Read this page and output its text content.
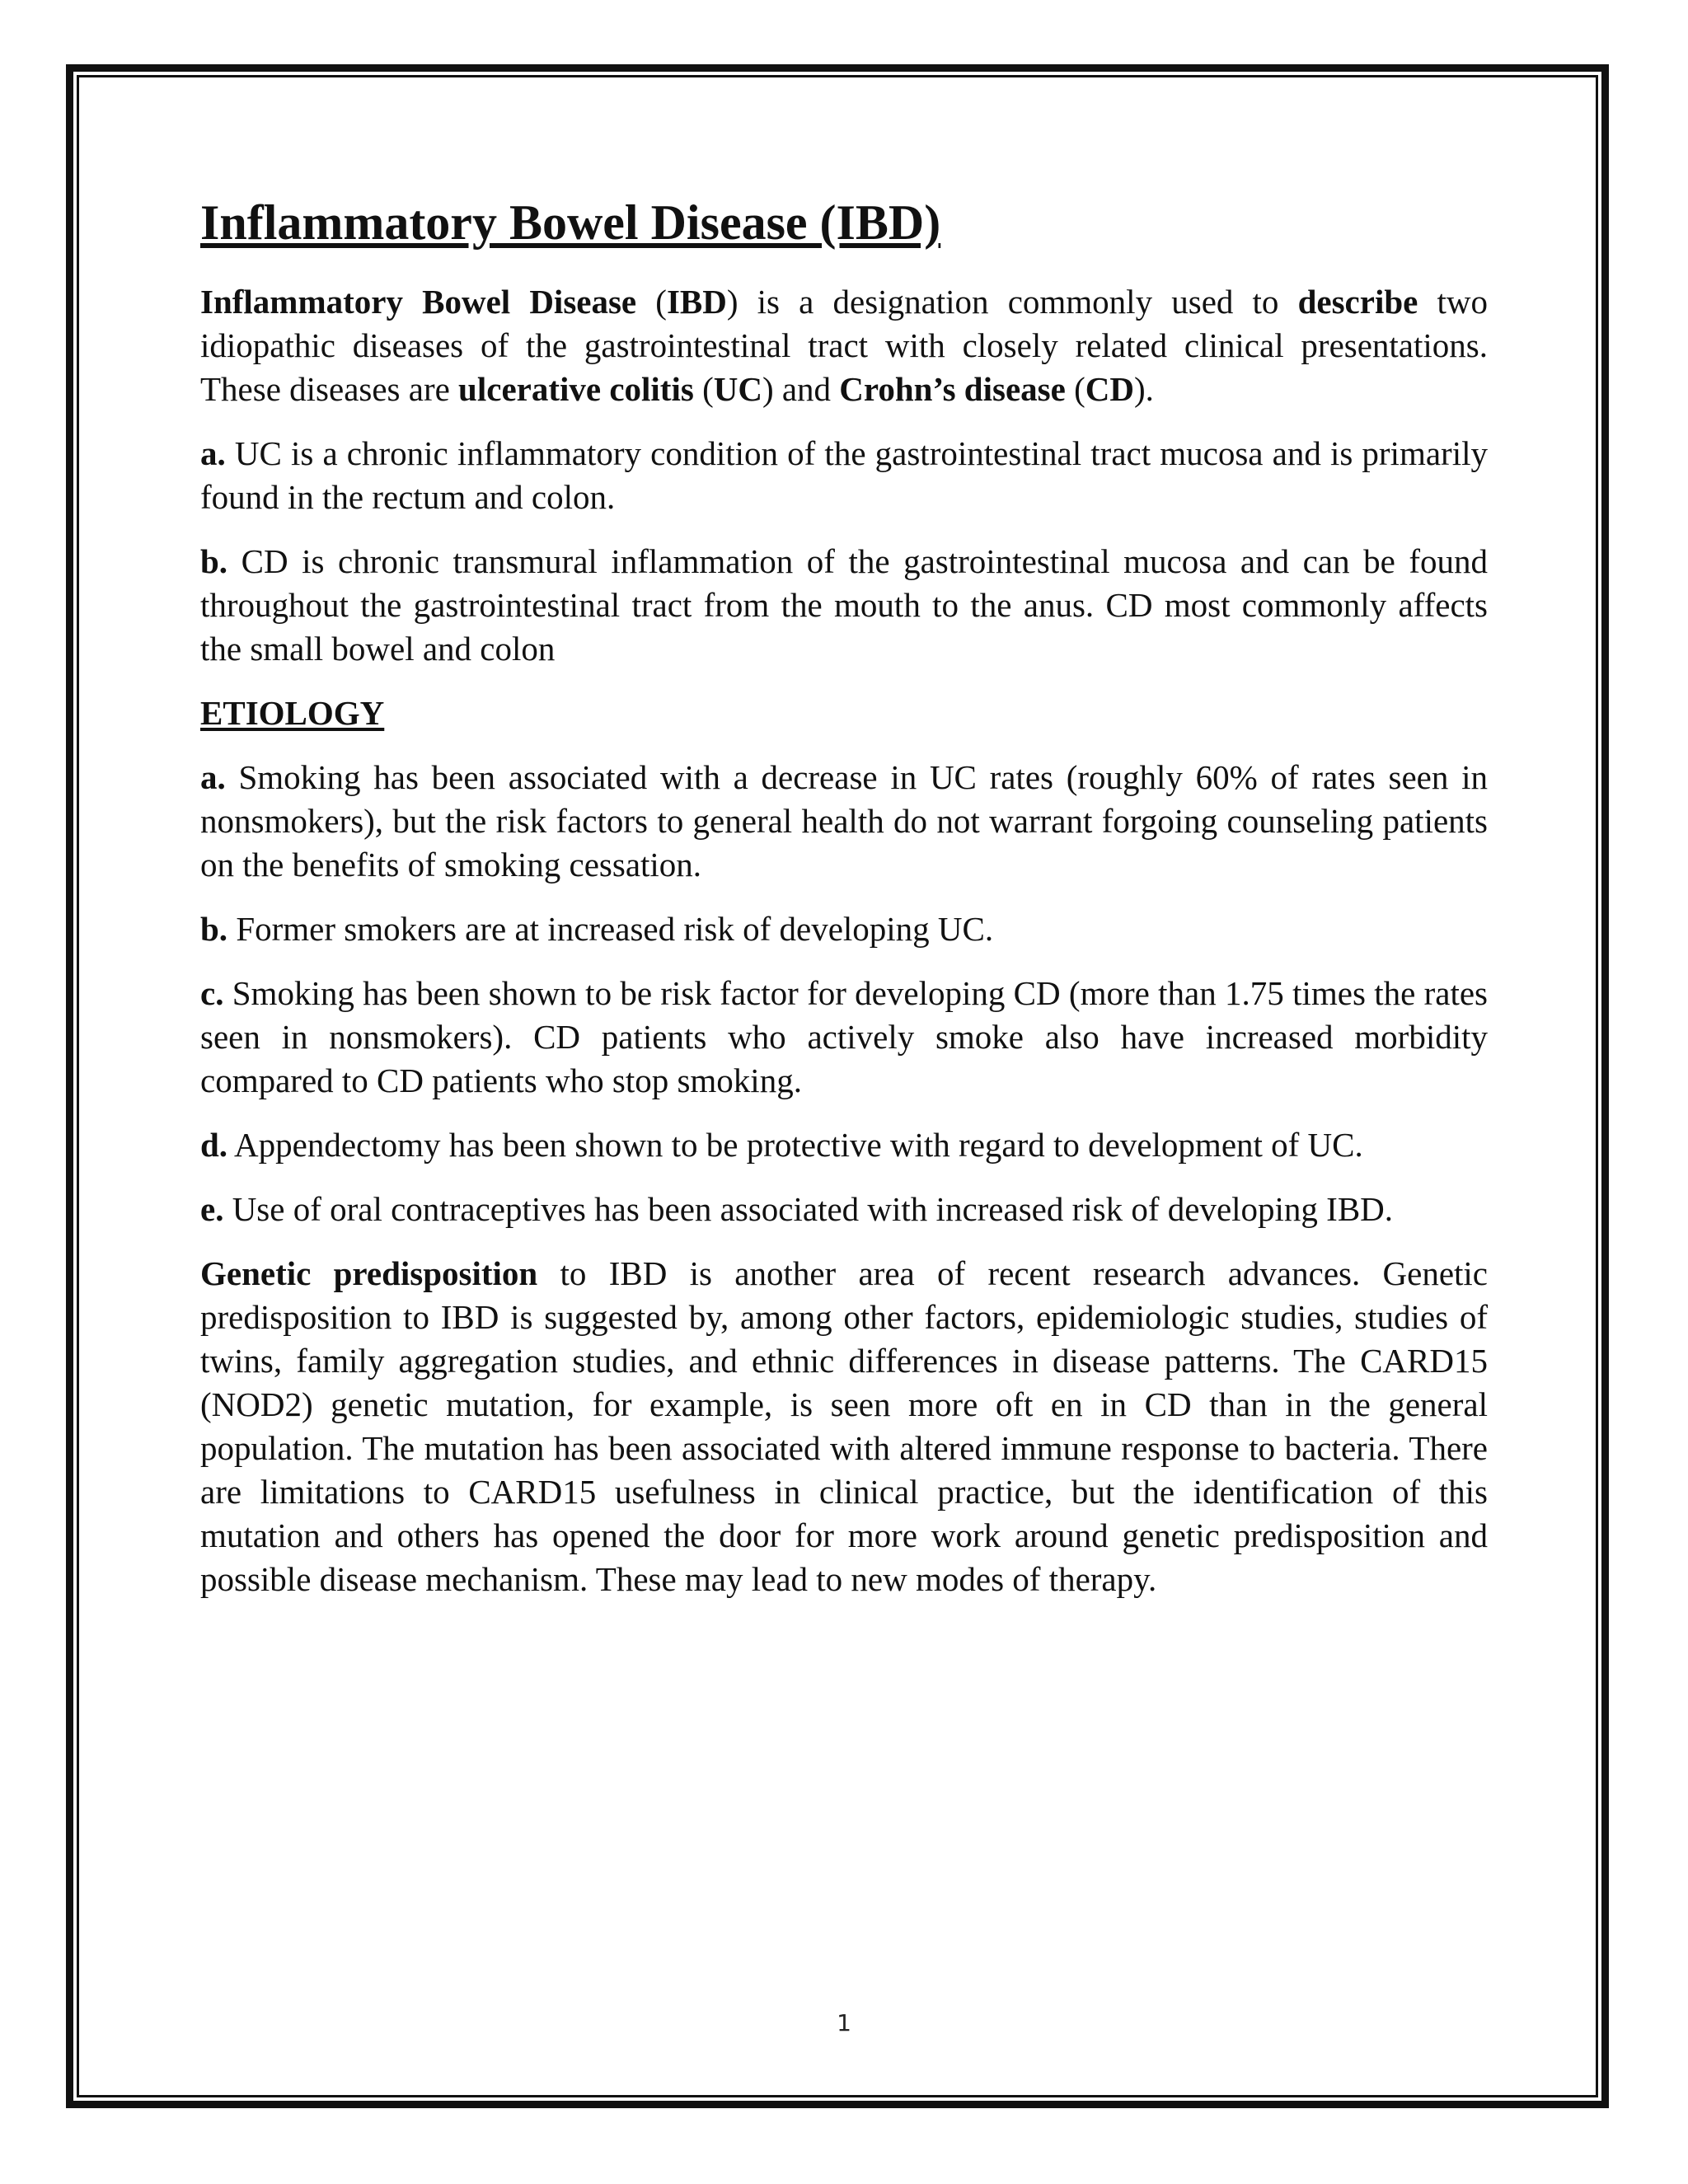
Inflammatory Bowel Disease (IBD)

Inflammatory Bowel Disease (IBD) is a designation commonly used to describe two idiopathic diseases of the gastrointestinal tract with closely related clinical presentations. These diseases are ulcerative colitis (UC) and Crohn’s disease (CD).

a. UC is a chronic inflammatory condition of the gastrointestinal tract mucosa and is primarily found in the rectum and colon.

b. CD is chronic transmural inflammation of the gastrointestinal mucosa and can be found throughout the gastrointestinal tract from the mouth to the anus. CD most commonly affects the small bowel and colon

ETIOLOGY

a. Smoking has been associated with a decrease in UC rates (roughly 60% of rates seen in nonsmokers), but the risk factors to general health do not warrant forgoing counseling patients on the benefits of smoking cessation.

b. Former smokers are at increased risk of developing UC.

c. Smoking has been shown to be risk factor for developing CD (more than 1.75 times the rates seen in nonsmokers). CD patients who actively smoke also have increased morbidity compared to CD patients who stop smoking.

d. Appendectomy has been shown to be protective with regard to development of UC.

e. Use of oral contraceptives has been associated with increased risk of developing IBD.

Genetic predisposition to IBD is another area of recent research advances. Genetic predisposition to IBD is suggested by, among other factors, epidemiologic studies, studies of twins, family aggregation studies, and ethnic differences in disease patterns. The CARD15 (NOD2) genetic mutation, for example, is seen more oft en in CD than in the general population. The mutation has been associated with altered immune response to bacteria. There are limitations to CARD15 usefulness in clinical practice, but the identification of this mutation and others has opened the door for more work around genetic predisposition and possible disease mechanism. These may lead to new modes of therapy.

1
